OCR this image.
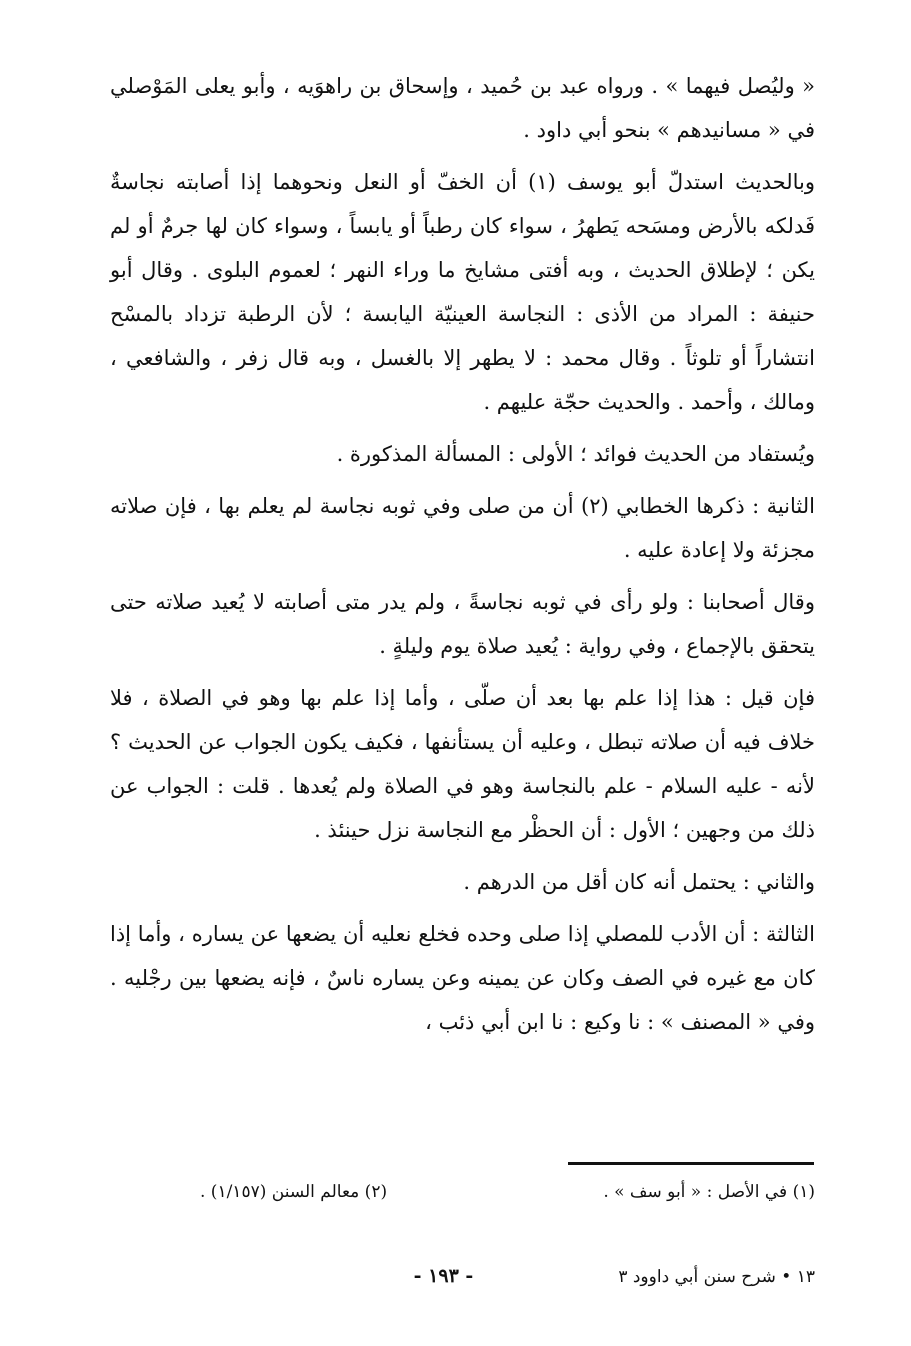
« وليُصل فيهما » . ورواه عبد بن حُميد ، وإسحاق بن راهوَيه ، وأبو يعلى المَوْصلي في « مسانيدهم » بنحو أبي داود .

وبالحديث استدلّ أبو يوسف (١) أن الخفّ أو النعل ونحوهما إذا أصابته نجاسةٌ فَدلكه بالأرض ومسَحه يَطهرُ ، سواء كان رطباً أو يابساً ، وسواء كان لها جرمٌ أو لم يكن ؛ لإطلاق الحديث ، وبه أفتى مشايخ ما وراء النهر ؛ لعموم البلوى . وقال أبو حنيفة : المراد من الأذى : النجاسة العينيّة اليابسة ؛ لأن الرطبة تزداد بالمسْح انتشاراً أو تلوثاً . وقال محمد : لا يطهر إلا بالغسل ، وبه قال زفر ، والشافعي ، ومالك ، وأحمد . والحديث حجّة عليهم .

ويُستفاد من الحديث فوائد ؛ الأولى : المسألة المذكورة .

الثانية : ذكرها الخطابي (٢) أن من صلى وفي ثوبه نجاسة لم يعلم بها ، فإن صلاته مجزئة ولا إعادة عليه .

وقال أصحابنا : ولو رأى في ثوبه نجاسةً ، ولم يدر متى أصابته لا يُعيد صلاته حتى يتحقق بالإجماع ، وفي رواية : يُعيد صلاة يوم وليلةٍ .

فإن قيل : هذا إذا علم بها بعد أن صلّى ، وأما إذا علم بها وهو في الصلاة ، فلا خلاف فيه أن صلاته تبطل ، وعليه أن يستأنفها ، فكيف يكون الجواب عن الحديث ؟ لأنه - عليه السلام - علم بالنجاسة وهو في الصلاة ولم يُعدها . قلت : الجواب عن ذلك من وجهين ؛ الأول : أن الحظْر مع النجاسة نزل حينئذ .

والثاني : يحتمل أنه كان أقل من الدرهم .

الثالثة : أن الأدب للمصلي إذا صلى وحده فخلع نعليه أن يضعها عن يساره ، وأما إذا كان مع غيره في الصف وكان عن يمينه وعن يساره ناسٌ ، فإنه يضعها بين رجْليه . وفي « المصنف » : نا وكيع : نا ابن أبي ذئب ،

(١) في الأصل : « أبو سف » .
(٢) معالم السنن (١/١٥٧) .
١٣ • شرح سنن أبي داوود ٣
- ١٩٣ -
